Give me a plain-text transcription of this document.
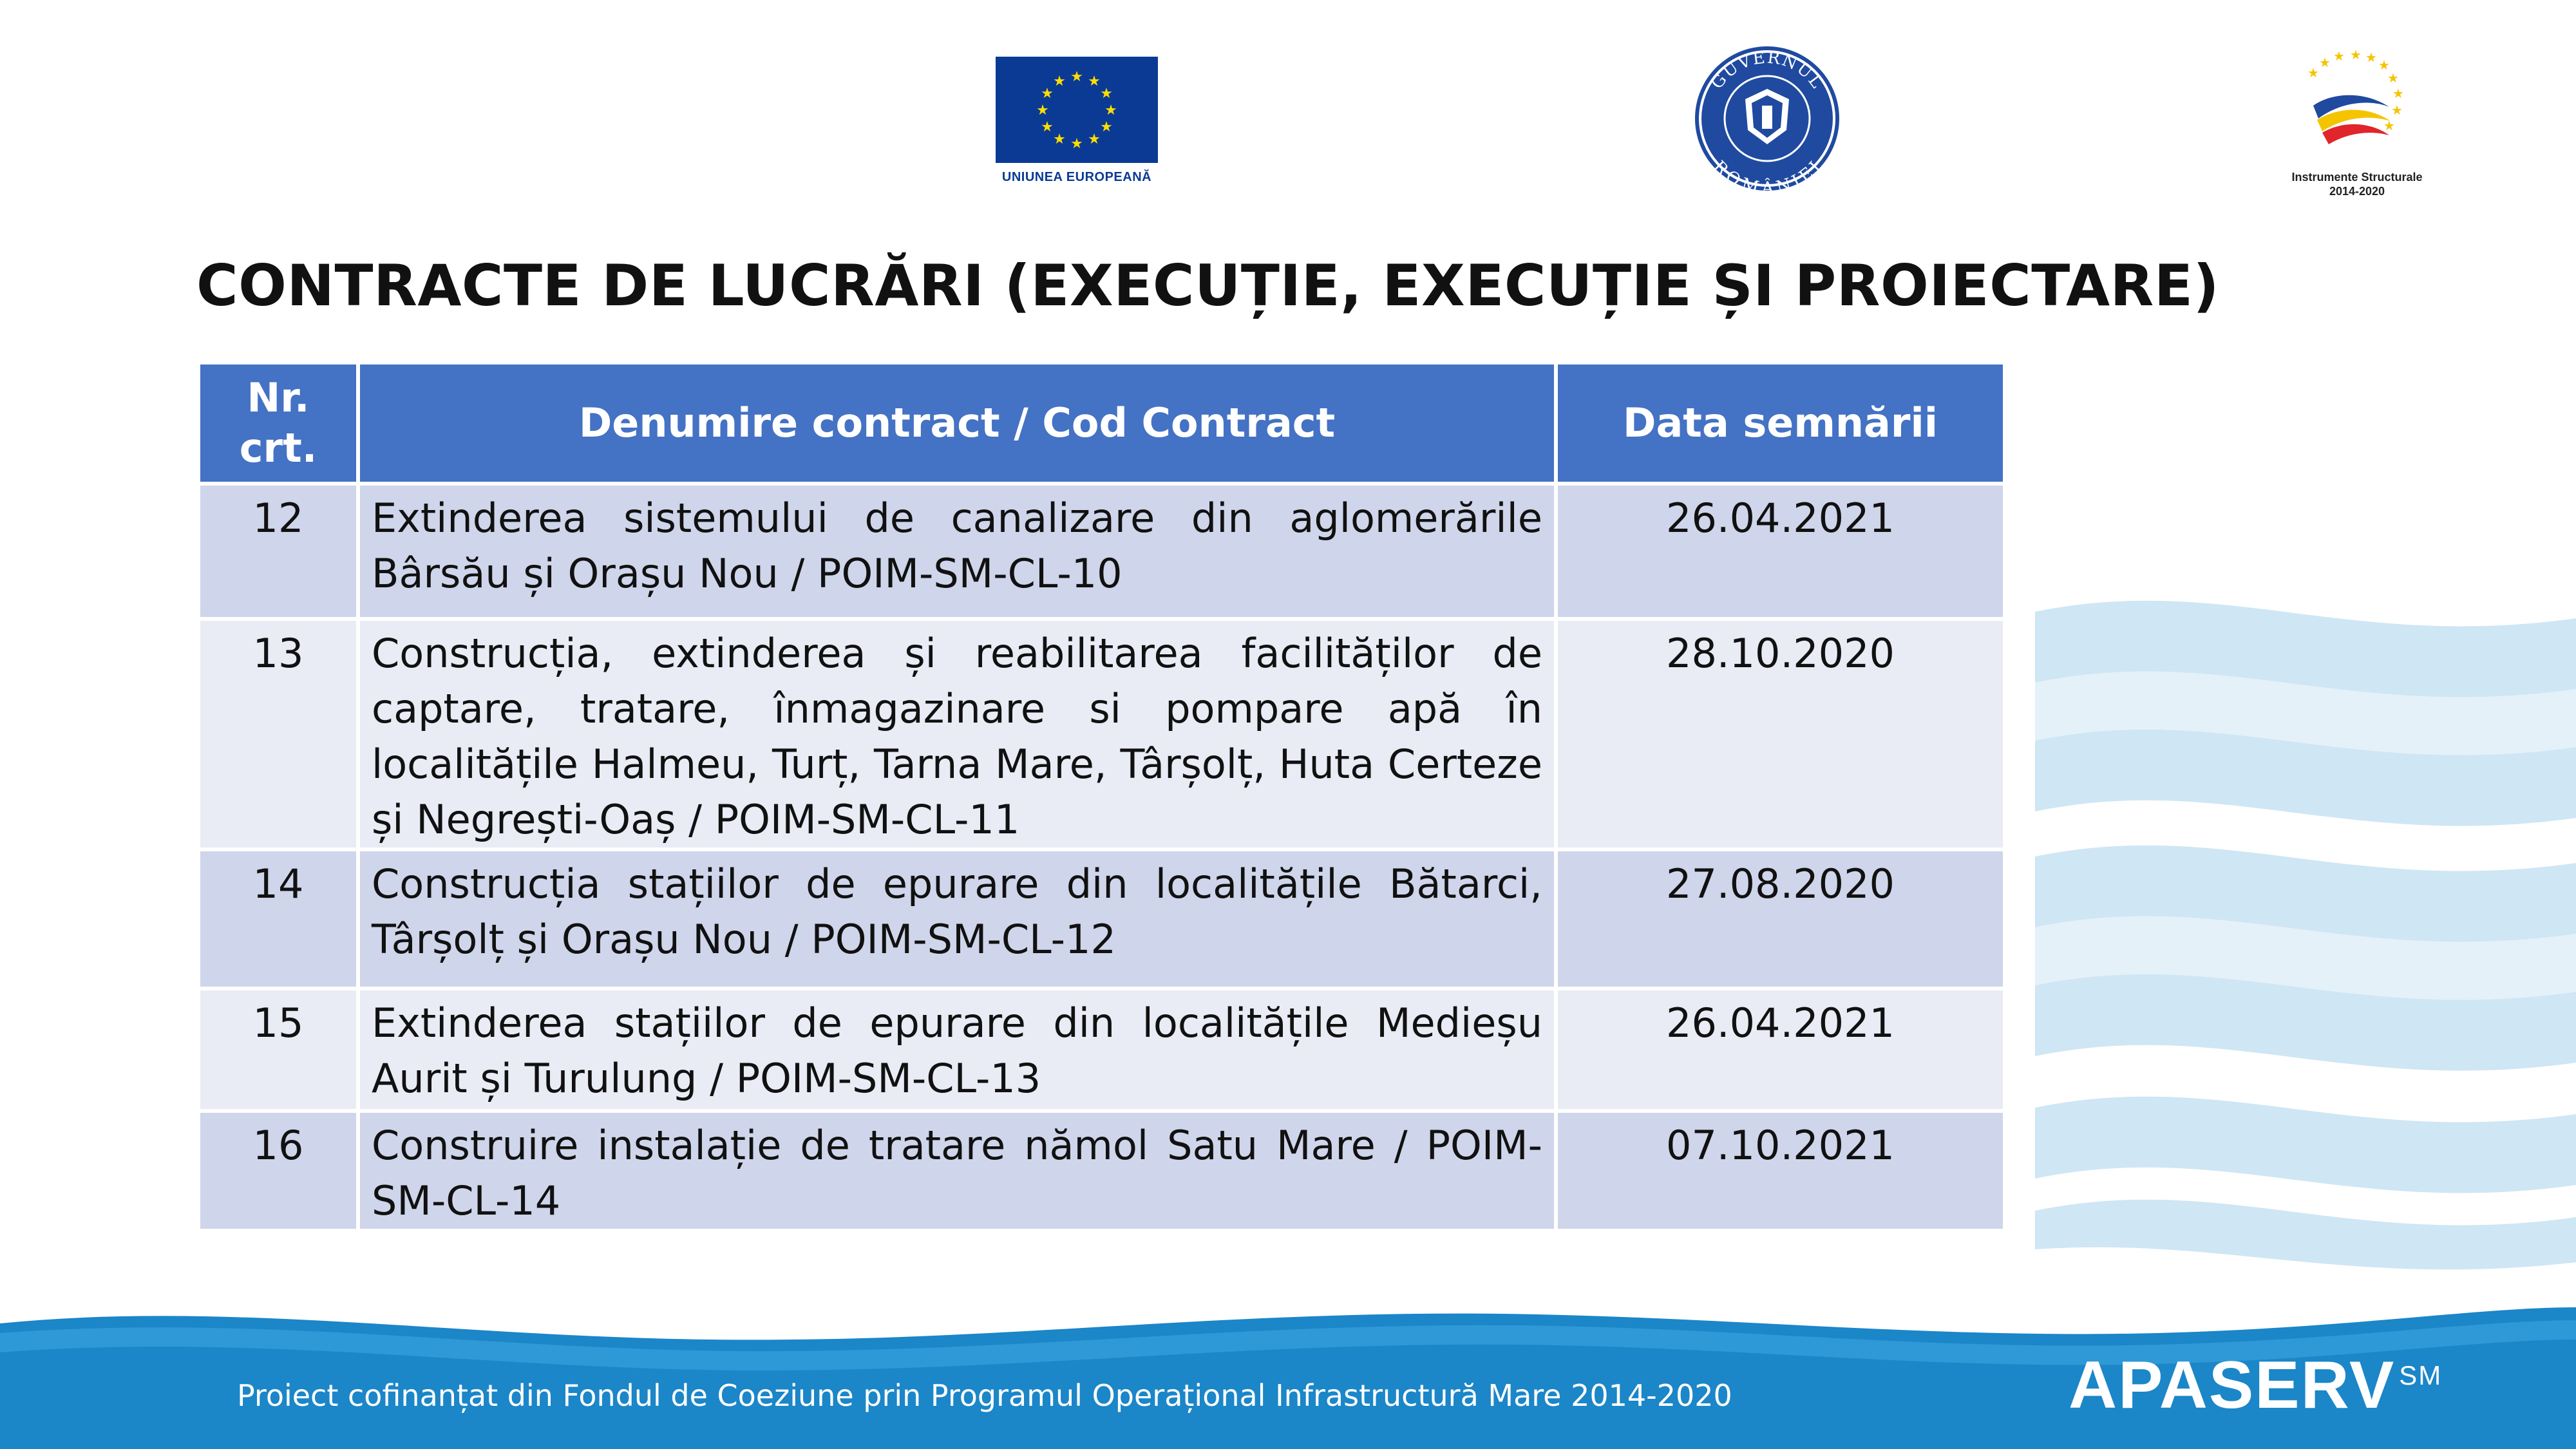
★ ★
★
★
★
★
★
★
★
★
★
★
UNIUNEA EUROPEANĂ
GUVERNUL
ROMÂNIEI
★ ★ ★ ★ ★
★
★
★
★
★
Instrumente Structurale
2014-2020
CONTRACTE DE LUCRĂRI (EXECUȚIE, EXECUȚIE ȘI PROIECTARE)
Nr. crt.	Denumire contract / Cod Contract	Data semnării
12	Extinderea sistemului de canalizare din aglomerările Bârsău și Orașu Nou / POIM-SM-CL-10	26.04.2021
13	Construcția, extinderea și reabilitarea facilităților de captare, tratare, înmagazinare si pompare apă în localitățile Halmeu, Turț, Tarna Mare, Târșolț, Huta Certeze și Negrești-Oaș / POIM-SM-CL-11	28.10.2020
14	Construcția stațiilor de epurare din localitățile Bătarci, Târșolț și Orașu Nou / POIM-SM-CL-12	27.08.2020
15	Extinderea stațiilor de epurare din localitățile Medieșu Aurit și Turulung / POIM-SM-CL-13	26.04.2021
16	Construire instalație de tratare nămol Satu Mare / POIM-SM-CL-14	07.10.2021
Proiect cofinanțat din Fondul de Coeziune prin Programul Operațional Infrastructură Mare 2014-2020	APASERV ℠
